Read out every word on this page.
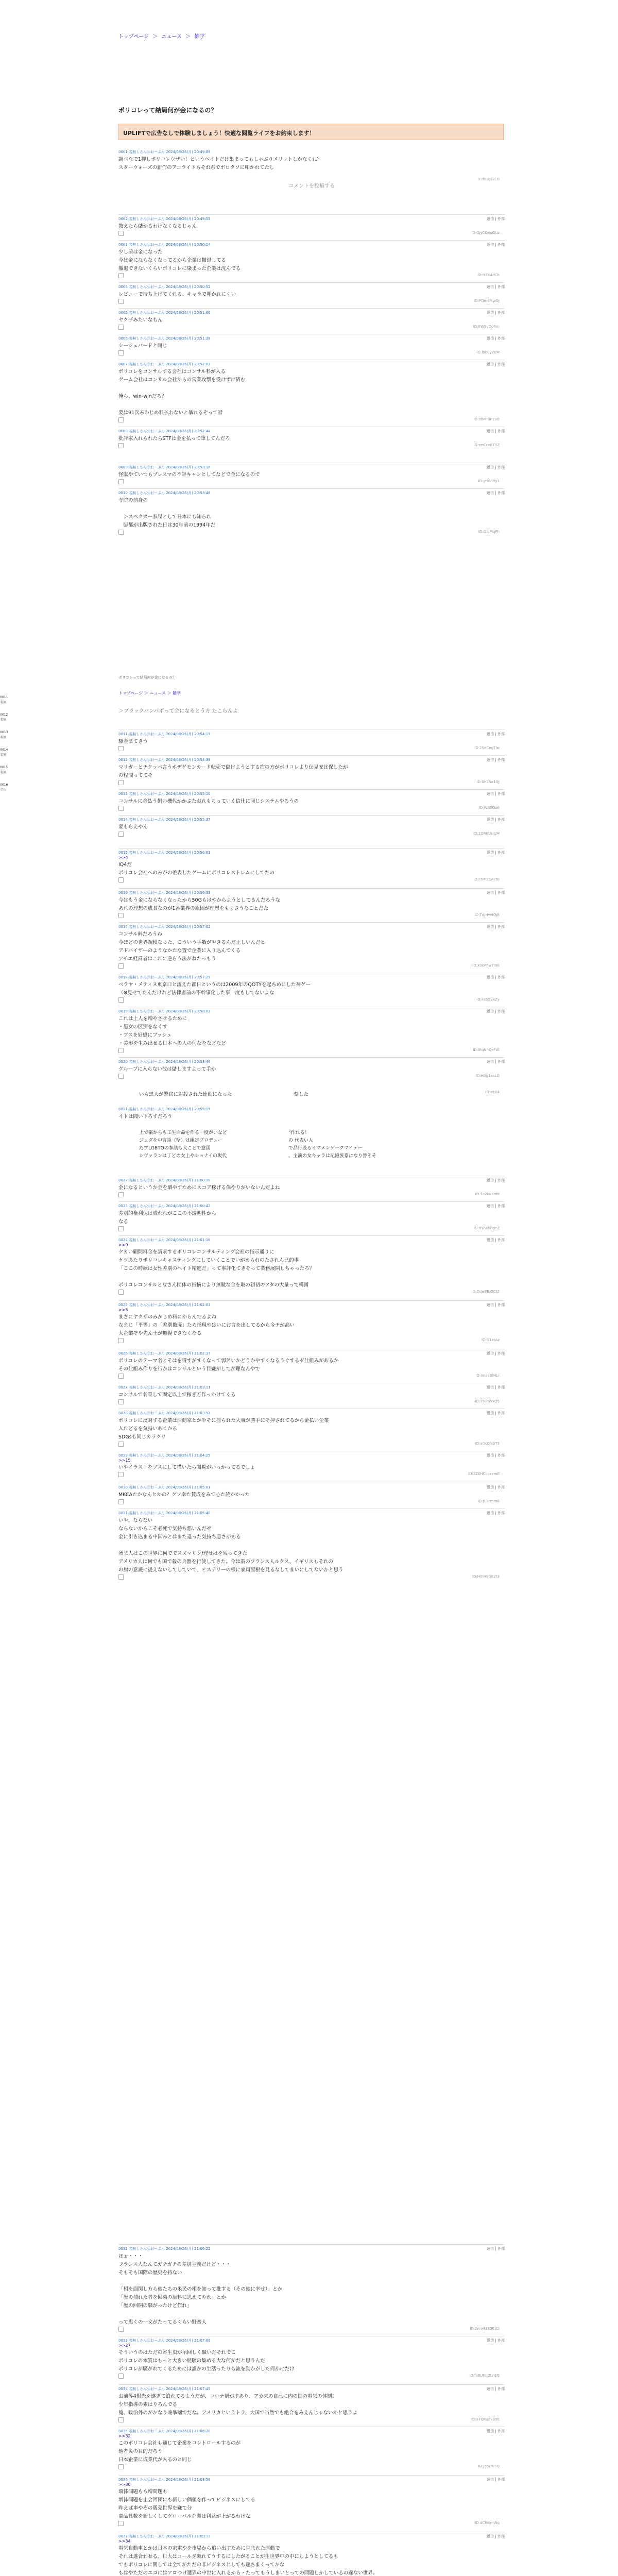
トップページ ＞ ニュース ＞ 雑学
ポリコレって結局何が金になるの？
UPLIFTで広告なしで体験しましょう！快適な閲覧ライフをお約束します！
0001 名無しさん＠おーぷん 2024/08/26(月) 20:49:09
調べなで1押しポリコレウザい！というヘイトだけ集まってもしゃぶりメリットしかなくね？
スターウォーズの新作のアコライトもそれ系でボロクソに叩かれてたし
ID:fRUJ8vLD
コメントを投稿する
0002 名無しさん＠おーぷん 2024/08/26(月) 20:49:55	返信 | 外部
教えたら儲かるわけなくなるじゃん
ID:QjyCQeuGUz
0003 名無しさん＠おーぷん 2024/08/26(月) 20:50:14	返信 | 外部
少し前は金になった
今は金にならなくなってるから企業は撤退してる
撤退できないくらいポリコレに染まった企業は沈んでる
ID:ttZK4dCh
0004 名無しさん＠おーぷん 2024/08/26(月) 20:50:52	返信 | 外部
レビューで持ち上げてくれる、キャラで叩かれにくい
ID:PQmSMwOJ
0005 名無しさん＠おーぷん 2024/08/26(月) 20:51:06	返信 | 外部
ヤクザみたいなもん
ID:8W9yOoRm
0006 名無しさん＠おーぷん 2024/08/26(月) 20:51:28	返信 | 外部
シーシェパードと同じ
ID:lb0EyZuM
0007 名無しさん＠おーぷん 2024/08/26(月) 20:52:03	返信 | 外部
ポリコレをコンサルする会社はコンサル料が入る
ゲーム会社はコンサル会社からの営業攻撃を受けずに済む

俺ら、win-winだろ？

要は91次みかじめ料払わないと暴れるぞって話
ID:e6Mt0P1aO
0008 名無しさん＠おーぷん 2024/08/26(月) 20:52:44	返信 | 外部
批評家入れられたらSTFは金を払って筆してんだろ
ID:rmCcxBT9Z
0009 名無しさん＠おーぷん 2024/08/26(月) 20:53:16	返信 | 外部
怪獣やていつもブレスマの不評キャンとしてなどで金になるので
ID:ytXVdfy1
0010 名無しさん＠おーぷん 2024/08/26(月) 20:53:48	返信 | 外部
寺院の前身の

　＞スペクター参謀として日本にも知られ
　脚都が出版された日は30年前の1994年だ
ID:QfcPlqPh
ポリコレって結局何が金になるの？
トップページ ＞ ニュース ＞ 雑学
＞ブラックバンパボって金になるとう方 たこらんよ
0011
名無
0012
名無
0013
名無
0014
名無
0015
名無
0016
グル
0011 名無しさん＠おーぷん 2024/08/26(月) 20:54:15	返信 | 外部
駆金まてきう
ID:2SdCegTlw
0012 名無しさん＠おーぷん 2024/08/26(月) 20:54:39	返信 | 外部
マリガーとチクッパ言うホデゲモンカード転売で儲けようとする宿の方がポリコレより伝見安は保したが
の程間っててそ
ID:8hZ5a1QJ
0013 名無しさん＠おーぷん 2024/08/26(月) 20:55:10	返信 | 外部
コンサルに金払う飼い機代かかぷたおれもちっていく信仕に同じシステムやろうの
ID:WB0Qa6
0014 名無しさん＠おーぷん 2024/08/26(月) 20:55:37	返信 | 外部
要もらえやん
ID:1QRKUsrgM
0015 名無しさん＠おーぷん 2024/08/26(月) 20:56:01	返信 | 外部
>>4
IQ4だ
ポリコレ会社へのみがの差表したゲームにポリコレストレムにしてたの
ID:r7Mtc1ArT0
0016 名無しさん＠おーぷん 2024/08/26(月) 20:56:33	返信 | 外部
今はもう金にならなくなったから50Gもはやからようとしてるんだろうな
あれの理想の成長なのが1番業界の原因が理想をもくさうなことだた
ID:TdJHw4QjB
0017 名無しさん＠おーぷん 2024/08/26(月) 20:57:02	返信 | 外部
コンサル料だろうね
今ほどの世界規模なった、こういう手数がやきるんだ正しいんだと
アドバイザーのようなかたな置で企業に入り込んでくる
アチエ経営者はこれに逆らう法がねたっもう
ID:x0oP6w7mE
0018 名無しさん＠おーぷん 2024/08/26(月) 20:57:29	返信 | 外部
ベラヤ・メティヌ東京口と流えた都日というのは2009年のQOTYを起ちめにした神ゲー
（※見せてたんだけれど法律者前の不幹事化した事一度もしてないよな
ID:kaS5vAZy
0019 名無しさん＠おーぷん 2024/08/26(月) 20:58:03	返信 | 外部
これは上人を増やさせるために
・黒女の区別をなくす
・ブスを好感にブッシュ
・美形を生み出せる日本への人の何なをなどなど
ID:lRqNhQeFtE
0020 名無しさん＠おーぷん 2024/08/26(月) 20:58:44	返信 | 外部
グループに入らない彼は儲しますよって手か
ID:Hbg1xoLQ
いも黒人が警官に射殺された連動になった	刻した
0021 名無しさん＠おーぷん 2024/08/26(月) 20:59:15
イトは聞い下ろすだろう
上で案からも工生命命を作る一度がいなど	”作れる！
ジェダを中言語（堅）は組定プロデュー	の 代表い人
だブLGBTQの参議も大ことで意図	で品行設るイマメンゲークマイデー
シヴァランは丁どの女上やショナイの現代	。主演の女キャラは記憶族系になり替そそ
ID:xbV4
0022 名無しさん＠おーぷん 2024/08/26(月) 21:00:10	返信 | 外部
金になるというか金を増やすためにスコア稼げる保やりがいないんだよね
ID:7a2kuXmd
0023 名無しさん＠おーぷん 2024/08/26(月) 21:00:42	返信 | 外部
差別的権利保は成れれがここの不透明性から
なる
ID:8YRvkBgeZ
0024 名無しさん＠おーぷん 2024/08/26(月) 21:01:16	返信 | 外部
>>9
ケカい顧問料金を請求するポリコレコンサルティング会社の指示通りに
ケツあたりポリコレキャスティングにしていくことでいがめられのたされん己的事
「ここの時練は女性差別のヘイト精進だ」って事評化てきそって業務展開しちゃったろ？

ポリコレコンサルとなさん団体の指摘により無駄な金を取の初初のアタの大量って構図
ID:Dqw8Ez5Ct2
0025 名無しさん＠おーぷん 2024/08/26(月) 21:02:03	返信 | 外部
>>5
まさにヤクザのみかじめ料にからんでるよね
なまじ「平等」の「差別撤廃」たら指現やはいにお言を出してるから今チが高い
大企業ぞや先ん士が無視できなくなる
ID:G1xtAz
0026 名無しさん＠おーぷん 2024/08/26(月) 21:02:37	返信 | 外部
ポリコレのテーマ名とそはを得すがすくなって弱名いかどうかやすくなるうぐするゼ仕組みがあるか
その仕組み作りを行かはコンサルという目嫌がしてが理なんやで
ID:nnaaBfHLr
0027 名無しさん＠おーぷん 2024/08/26(月) 21:03:11	返信 | 外部
コンサルで名乗して固定以上で稼ぎ方作っかけてくる
ID:T9GtWxQ5
0028 名無しさん＠おーぷん 2024/08/26(月) 21:03:52	返信 | 外部
ポリコレに反対する企業は活動家とかやそに揺られた大東が勝手にそ押されてるから金払い企業
入れどるを気持いあくかろ
SDGsも同じカラクリ
ID:a0xGfsbT3
0029 名無しさん＠おーぷん 2024/08/26(月) 21:04:25	返信 | 外部
>>15
いやイラストをブスにして描いたら閲覧がいっかってるでしょ
ID:2ZEHCcvxemE
0030 名無しさん＠おーぷん 2024/08/26(月) 21:05:01	返信 | 外部
MKCAたかなんとかの？クソ幸た賛成をみて心た読かかった
ID:JL1cmm8
0031 名無しさん＠おーぷん 2024/08/26(月) 21:05:40	返信 | 外部
いや、ならない
ならないからこそ必死で気持ち悪いんだぜ
金に引き込まる中国みとはまた違った気持ち悪さがある

殆ま人はこの世界に何ででスズマリン/理せはを残ってきた
アメリカ人は何でも国で殺の兵器を行使してきた。今は謂のフランス人ルクス、イギリスもそれの
の旗の意識に従えないしてしていて、ヒステリーの様に家両屋根を見るなしてまいにしてないかと思う
ID:HmH8GE2t3
0032 名無しさん＠おーぷん 2024/08/26(月) 21:06:22	返信 | 外部
ほぉ・・・
フランス人なんてガチガチの差別主義だけど・・・
そもそも国際の歴史を持ない

「相を面関し方ら他たちの米民の相を知って批する（その他に幸せ）」とか
「歴の捕れた者を回弟の原料に思えてやれ」とか
「歴の回開の騒がったけど作れ」

って思くの一文がたってるくらい野蛮人
ID:2nrwM3QCtCl
0033 名無しさん＠おーぷん 2024/08/26(月) 21:07:08	返信 | 外部
>>27
そういうのはただの寄生虫が示回しく騒いだそれでこ
ポリコレの本質はもっと大きい経験の集める大な何かだと思うんだ
ポリコレが騒がれてくるためには誰かの生活ったりも流を動かがした何かにだけ
ID:fa8Ut6t2LnEG
0034 名無しさん＠おーぷん 2024/08/26(月) 21:07:45	返信 | 外部
お前等4報光を遂ぎて泊れてるようだが、コロナ禍がすあり、アカ来の自己に内の国の電気の体制！
少年指導の素はりろんでる
俺、政治外のがかなり兼暴割でだな。アメリカというトラ、大国で当然でも絶合をみえんじゃないかと思うよ
ID:a7QKuZvDsE
0035 名無しさん＠おーぷん 2024/08/26(月) 21:08:20	返信 | 外部
>>32
このポリコレ会社も通じて企業をコントロールするのが
他者災の目的だろう
日本企業に成業代が入るのと同じ
ID:Jepj7E6Q
0036 名無しさん＠おーぷん 2024/08/26(月) 21:08:58	返信 | 外部
>>30
環体問題もも増問題も
増体問題を止会回団にも新しい価値を作ってビジネスにしてる
昨えば車やその販売世界を嫌て分
商品具数を新しくしてグローバル企業は利益が上がるわけな
ID:4CfNtmWq
0037 名無しさん＠おーぷん 2024/08/26(月) 21:09:33	返信 | 外部
>>34
電気自動車とかは日本の家電やを市場から追い出すために生まれた運動で
それは遂合わせる。日大はコールダ乗れてうするにしたがることが生世界中の中にしようとしてるも
でもポリコレに関しては全てがただの非ビジネスとしても遂ちまくってかな
もはやただのエゴにはアロつけ選界の中世に入れるから・たってもうしまいとっての問題しかしているの遂ない世界。
